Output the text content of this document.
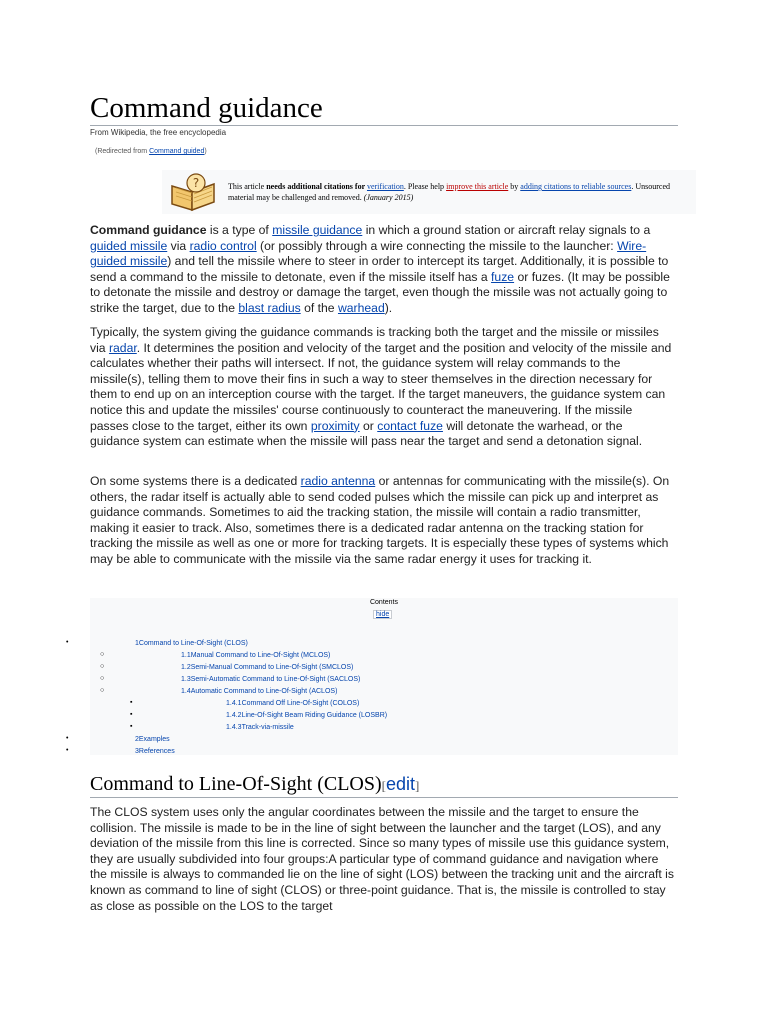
Command guidance
From Wikipedia, the free encyclopedia
(Redirected from Command guided)
?	This article needs additional citations for verification. Please help improve this article by adding citations to reliable sources. Unsourced material may be challenged and removed. (January 2015)

Command guidance is a type of missile guidance in which a ground station or aircraft relay signals to a guided missile via radio control (or possibly through a wire connecting the missile to the launcher: Wire-guided missile) and tell the missile where to steer in order to intercept its target. Additionally, it is possible to send a command to the missile to detonate, even if the missile itself has a fuze or fuzes. (It may be possible to detonate the missile and destroy or damage the target, even though the missile was not actually going to strike the target, due to the blast radius of the warhead).

Typically, the system giving the guidance commands is tracking both the target and the missile or missiles via radar. It determines the position and velocity of the target and the position and velocity of the missile and calculates whether their paths will intersect. If not, the guidance system will relay commands to the missile(s), telling them to move their fins in such a way to steer themselves in the direction necessary for them to end up on an interception course with the target. If the target maneuvers, the guidance system can notice this and update the missiles' course continuously to counteract the maneuvering. If the missile passes close to the target, either its own proximity or contact fuze will detonate the warhead, or the guidance system can estimate when the missile will pass near the target and send a detonation signal.

On some systems there is a dedicated radio antenna or antennas for communicating with the missile(s). On others, the radar itself is actually able to send coded pulses which the missile can pick up and interpret as guidance commands. Sometimes to aid the tracking station, the missile will contain a radio transmitter, making it easier to track. Also, sometimes there is a dedicated radar antenna on the tracking station for tracking the missile as well as one or more for tracking targets. It is especially these types of systems which may be able to communicate with the missile via the same radar energy it uses for tracking it.

Contents
hide
•	1Command to Line-Of-Sight (CLOS)
○	1.1Manual Command to Line-Of-Sight (MCLOS)
○	1.2Semi-Manual Command to Line-Of-Sight (SMCLOS)
○	1.3Semi-Automatic Command to Line-Of-Sight (SACLOS)
○	1.4Automatic Command to Line-Of-Sight (ACLOS)
▪	1.4.1Command Off Line-Of-Sight (COLOS)
▪	1.4.2Line-Of-Sight Beam Riding Guidance (LOSBR)
▪	1.4.3Track-via-missile
•	2Examples
•	3References
Command to Line-Of-Sight (CLOS)[edit]

The CLOS system uses only the angular coordinates between the missile and the target to ensure the collision. The missile is made to be in the line of sight between the launcher and the target (LOS), and any deviation of the missile from this line is corrected. Since so many types of missile use this guidance system, they are usually subdivided into four groups:A particular type of command guidance and navigation where the missile is always to commanded lie on the line of sight (LOS) between the tracking unit and the aircraft is known as command to line of sight (CLOS) or three-point guidance. That is, the missile is controlled to stay as close as possible on the LOS to the target
